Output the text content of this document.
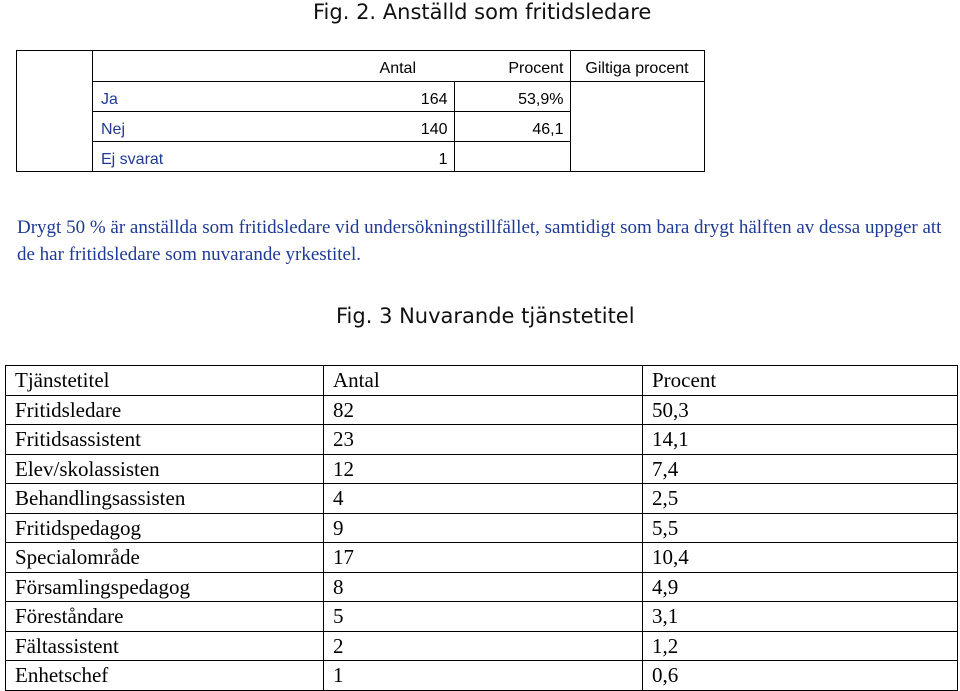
Fig. 2. Anställd som fritidsledare
		Antal	Procent	Giltiga procent
	Ja	164	53,9%	
	Nej	140	46,1	
	Ej svarat	1		
Drygt 50 % är anställda som fritidsledare vid undersökningstillfället, samtidigt som bara drygt hälften av dessa uppger att de har fritidsledare som nuvarande yrkestitel.
Fig. 3 Nuvarande tjänstetitel
Tjänstetitel	Antal	Procent
Fritidsledare	82	50,3
Fritidsassistent	23	14,1
Elev/skolassisten	12	7,4
Behandlingsassisten	4	2,5
Fritidspedagog	9	5,5
Specialområde	17	10,4
Församlingspedagog	8	4,9
Föreståndare	5	3,1
Fältassistent	2	1,2
Enhetschef	1	0,6
